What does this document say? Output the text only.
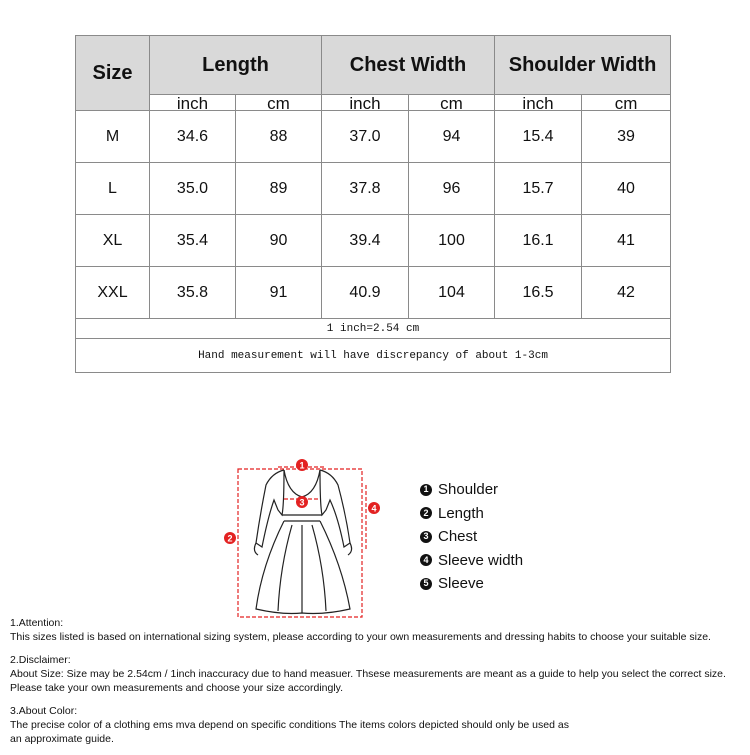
Size	Length		Chest Width		Shoulder Width	
	inch	cm	inch	cm	inch	cm
M	34.6	88	37.0	94	15.4	39
L	35.0	89	37.8	96	15.7	40
XL	35.4	90	39.4	100	16.1	41
XXL	35.8	91	40.9	104	16.5	42
1 inch=2.54 cm						
Hand measurement will have discrepancy of about 1-3cm						
1
2
3
4
1 Shoulder
2 Length
3 Chest
4 Sleeve width
5 Sleeve

1.Attention:

This sizes listed is based on international sizing system, please according to your own measurements and dressing habits to choose your suitable size.

2.Disclaimer:

About Size: Size may be 2.54cm / 1inch inaccuracy due to hand measuer. Thsese measurements are meant as a guide to help you select the correct size.

Please take your own measurements and choose your size accordingly.

3.About Color:

The precise color of a clothing ems mva depend on specific conditions The items colors depicted should only be used as

an approximate guide.
